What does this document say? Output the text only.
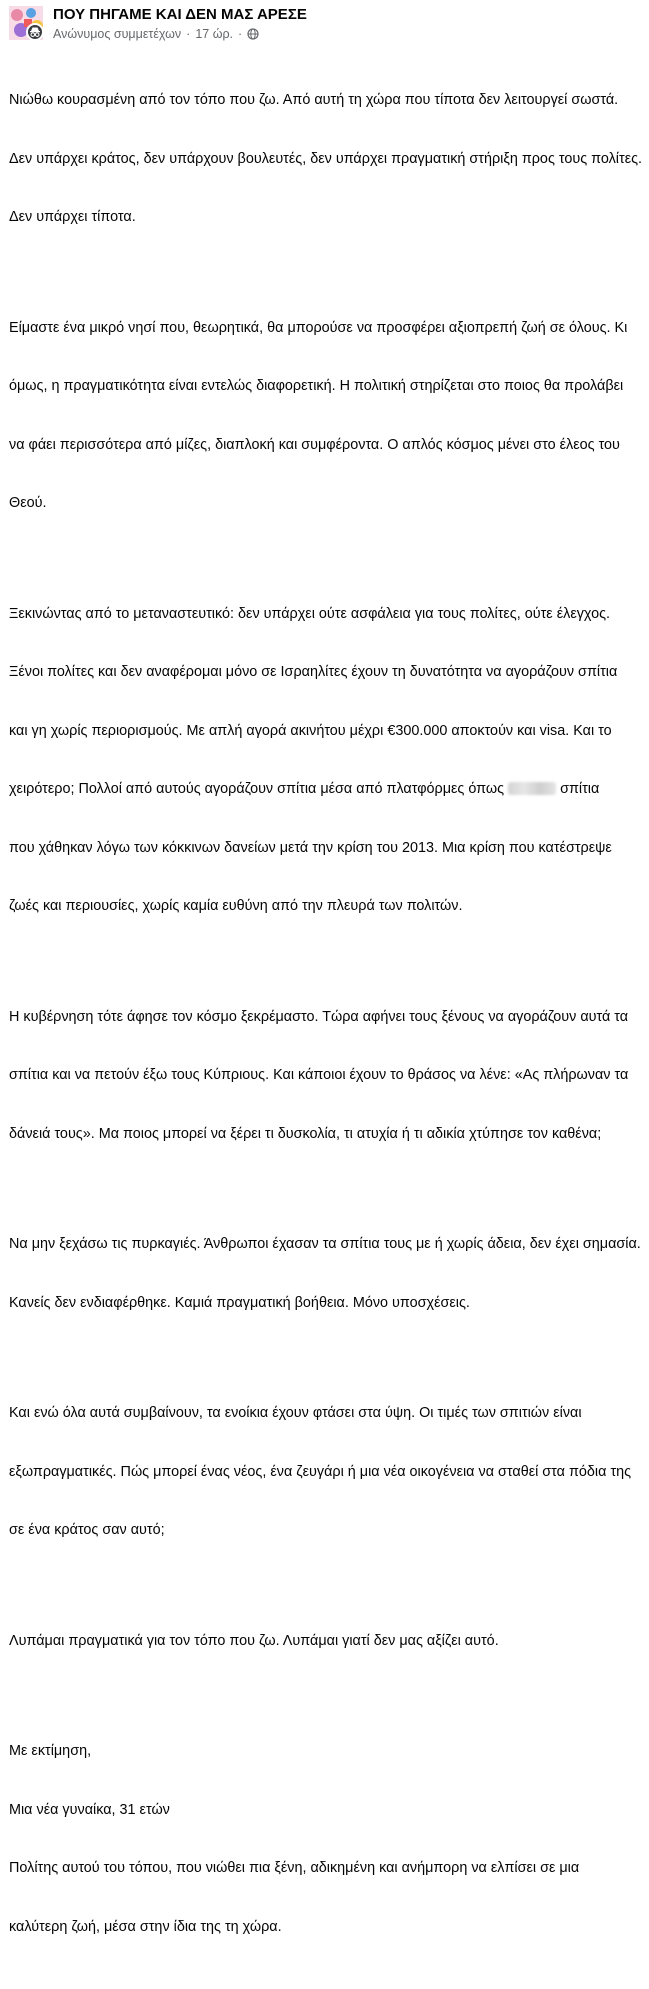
ΠΟΥ ΠΗΓΑΜΕ ΚΑΙ ΔΕΝ ΜΑΣ ΑΡΕΣΕ
Ανώνυμος συμμετέχων · 17 ώρ. ·

Νιώθω κουρασμένη από τον τόπο που ζω. Από αυτή τη χώρα που τίποτα δεν λειτουργεί σωστά.

Δεν υπάρχει κράτος, δεν υπάρχουν βουλευτές, δεν υπάρχει πραγματική στήριξη προς τους πολίτες.

Δεν υπάρχει τίποτα.

Είμαστε ένα μικρό νησί που, θεωρητικά, θα μπορούσε να προσφέρει αξιοπρεπή ζωή σε όλους. Κι

όμως, η πραγματικότητα είναι εντελώς διαφορετική. Η πολιτική στηρίζεται στο ποιος θα προλάβει

να φάει περισσότερα από μίζες, διαπλοκή και συμφέροντα. Ο απλός κόσμος μένει στο έλεος του

Θεού.

Ξεκινώντας από το μεταναστευτικό: δεν υπάρχει ούτε ασφάλεια για τους πολίτες, ούτε έλεγχος.

Ξένοι πολίτες και δεν αναφέρομαι μόνο σε Ισραηλίτες έχουν τη δυνατότητα να αγοράζουν σπίτια

και γη χωρίς περιορισμούς. Με απλή αγορά ακινήτου μέχρι €300.000 αποκτούν και visa. Και το

χειρότερο; Πολλοί από αυτούς αγοράζουν σπίτια μέσα από πλατφόρμες όπως	σπίτια

που χάθηκαν λόγω των κόκκινων δανείων μετά την κρίση του 2013. Μια κρίση που κατέστρεψε

ζωές και περιουσίες, χωρίς καμία ευθύνη από την πλευρά των πολιτών.

Η κυβέρνηση τότε άφησε τον κόσμο ξεκρέμαστο. Τώρα αφήνει τους ξένους να αγοράζουν αυτά τα

σπίτια και να πετούν έξω τους Κύπριους. Και κάποιοι έχουν το θράσος να λένε: «Ας πλήρωναν τα

δάνειά τους». Μα ποιος μπορεί να ξέρει τι δυσκολία, τι ατυχία ή τι αδικία χτύπησε τον καθένα;

Να μην ξεχάσω τις πυρκαγιές. Άνθρωποι έχασαν τα σπίτια τους με ή χωρίς άδεια, δεν έχει σημασία.

Κανείς δεν ενδιαφέρθηκε. Καμιά πραγματική βοήθεια. Μόνο υποσχέσεις.

Και ενώ όλα αυτά συμβαίνουν, τα ενοίκια έχουν φτάσει στα ύψη. Οι τιμές των σπιτιών είναι

εξωπραγματικές. Πώς μπορεί ένας νέος, ένα ζευγάρι ή μια νέα οικογένεια να σταθεί στα πόδια της

σε ένα κράτος σαν αυτό;

Λυπάμαι πραγματικά για τον τόπο που ζω. Λυπάμαι γιατί δεν μας αξίζει αυτό.

Με εκτίμηση,

Μια νέα γυναίκα, 31 ετών

Πολίτης αυτού του τόπου, που νιώθει πια ξένη, αδικημένη και ανήμπορη να ελπίσει σε μια

καλύτερη ζωή, μέσα στην ίδια της τη χώρα.
